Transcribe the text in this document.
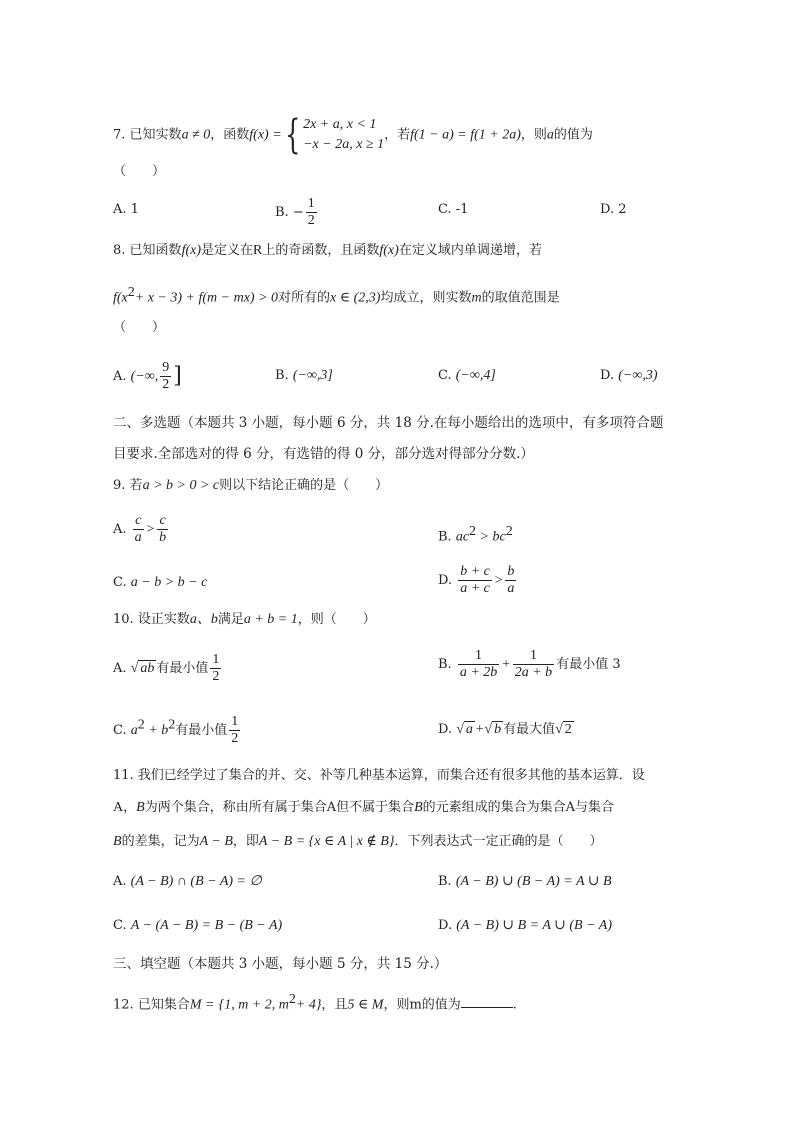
7. 已知实数a ≠ 0，函数f(x) ={ 2x + a, x < 1
−x − 2a, x ≥ 1
，若f(1 − a) = f(1 + 2a)，则a的值为
（　　）
A. 1	B. − $\frac{1}{2}$	C. -1	D. 2
8. 已知函数f(x)是定义在R上的奇函数，且函数f(x)在定义域内单调递增，若
$f(x^2+ x - 3) + f(m - mx) > 0$对所有的x ∈ (2,3)均成立，则实数m的取值范围是
（　　）
A. (−∞, $\frac{9}{2}$ ]	B. (−∞,3]	C. (−∞,4]	D. (−∞,3)
二、多选题（本题共 3 小题，每小题 6 分，共 18 分.在每小题给出的选项中，有多项符合题
目要求.全部选对的得 6 分，有选错的得 0 分，部分选对得部分分数.）
9. 若a > b > 0 > c则以下结论正确的是（　　）
A. $\frac{c}{a} > \frac{c}{b}$	B. $ac^2 > bc^2$
C. a − b > b − c	D. $\frac{b + c}{a + c} > \frac{b}{a}$
10. 设正实数a、b满足a + b = 1，则（　　）
A. √ ab 有最小值 $\frac{1}{2}$	B. $\frac{1}{a + 2b} + \frac{1}{2a + b}$ 有最小值 3
C. $a^2 + b^2$有最小值 $\frac{1}{2}$	D. √ a +√ b 有最大值√ 2
11. 我们已经学过了集合的并、交、补等几种基本运算，而集合还有很多其他的基本运算．设
A，B为两个集合，称由所有属于集合A但不属于集合B的元素组成的集合为集合A与集合
B的差集，记为A − B，即A − B = {x ∈ A | x ∉ B}．下列表达式一定正确的是（　　）
A. (A − B) ∩ (B − A) = ∅	B. (A − B) ∪ (B − A) = A ∪ B
C. A − (A − B) = B − (B − A)	D. (A − B) ∪ B = A ∪ (B − A)
三、填空题（本题共 3 小题，每小题 5 分，共 15 分.）
12. 已知集合M = {1, m + 2, $m^2+ 4$}，且5 ∈ M，则m的值为	.
